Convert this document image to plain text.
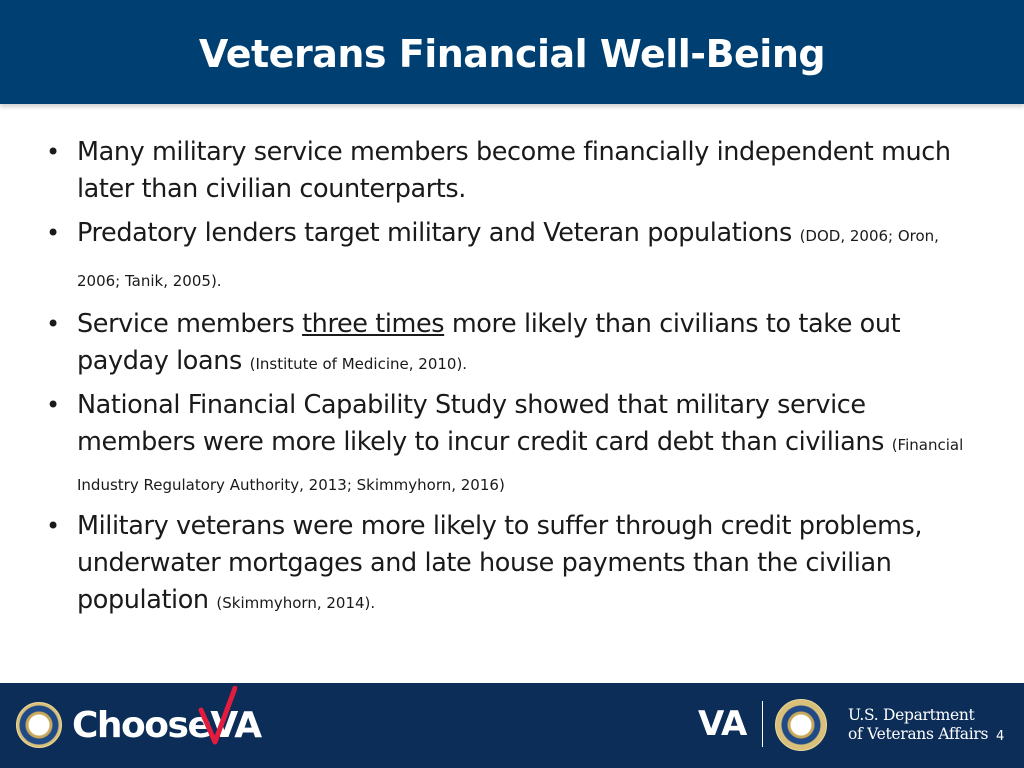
Veterans Financial Well-Being
• Many military service members become financially independent much later than civilian counterparts.
• Predatory lenders target military and Veteran populations (DOD, 2006; Oron, 2006; Tanik, 2005).
• Service members three times more likely than civilians to take out payday loans (Institute of Medicine, 2010).
• National Financial Capability Study showed that military service members were more likely to incur credit card debt than civilians (Financial Industry Regulatory Authority, 2013; Skimmyhorn, 2016)
• Military veterans were more likely to suffer through credit problems, underwater mortgages and late house payments than the civilian population (Skimmyhorn, 2014).
ChooseVA	VA	U.S. Department
of Veterans Affairs 4
